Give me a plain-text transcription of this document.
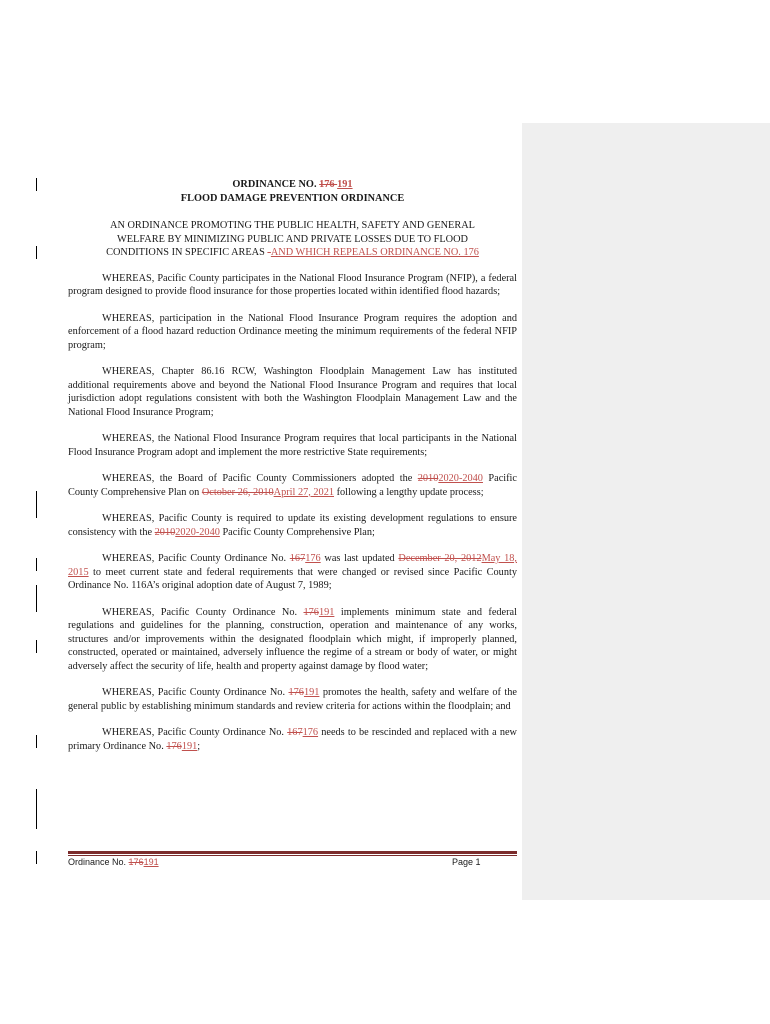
ORDINANCE NO. 176 191
FLOOD DAMAGE PREVENTION ORDINANCE
AN ORDINANCE PROMOTING THE PUBLIC HEALTH, SAFETY AND GENERAL
WELFARE BY MINIMIZING PUBLIC AND PRIVATE LOSSES DUE TO FLOOD
CONDITIONS IN SPECIFIC AREAS -AND WHICH REPEALS ORDINANCE NO. 176
WHEREAS, Pacific County participates in the National Flood Insurance Program (NFIP), a federal program designed to provide flood insurance for those properties located within identified flood hazards;
WHEREAS, participation in the National Flood Insurance Program requires the adoption and enforcement of a flood hazard reduction Ordinance meeting the minimum requirements of the federal NFIP program;
WHEREAS, Chapter 86.16 RCW, Washington Floodplain Management Law has instituted additional requirements above and beyond the National Flood Insurance Program and requires that local jurisdiction adopt regulations consistent with both the Washington Floodplain Management Law and the National Flood Insurance Program;
WHEREAS, the National Flood Insurance Program requires that local participants in the National Flood Insurance Program adopt and implement the more restrictive State requirements;
WHEREAS, the Board of Pacific County Commissioners adopted the 20102020-2040 Pacific County Comprehensive Plan on October 26, 2010April 27, 2021 following a lengthy update process;
WHEREAS, Pacific County is required to update its existing development regulations to ensure consistency with the 20102020-2040 Pacific County Comprehensive Plan;
WHEREAS, Pacific County Ordinance No. 167176 was last updated December 20, 2012May 18, 2015 to meet current state and federal requirements that were changed or revised since Pacific County Ordinance No. 116A’s original adoption date of August 7, 1989;
WHEREAS, Pacific County Ordinance No. 176191 implements minimum state and federal regulations and guidelines for the planning, construction, operation and maintenance of any works, structures and/or improvements within the designated floodplain which might, if improperly planned, constructed, operated or maintained, adversely influence the regime of a stream or body of water, or might adversely affect the security of life, health and property against damage by flood water;
WHEREAS, Pacific County Ordinance No. 176191 promotes the health, safety and welfare of the general public by establishing minimum standards and review criteria for actions within the floodplain; and
WHEREAS, Pacific County Ordinance No. 167176 needs to be rescinded and replaced with a new primary Ordinance No. 176191;
Ordinance No. 176191	Page 1
